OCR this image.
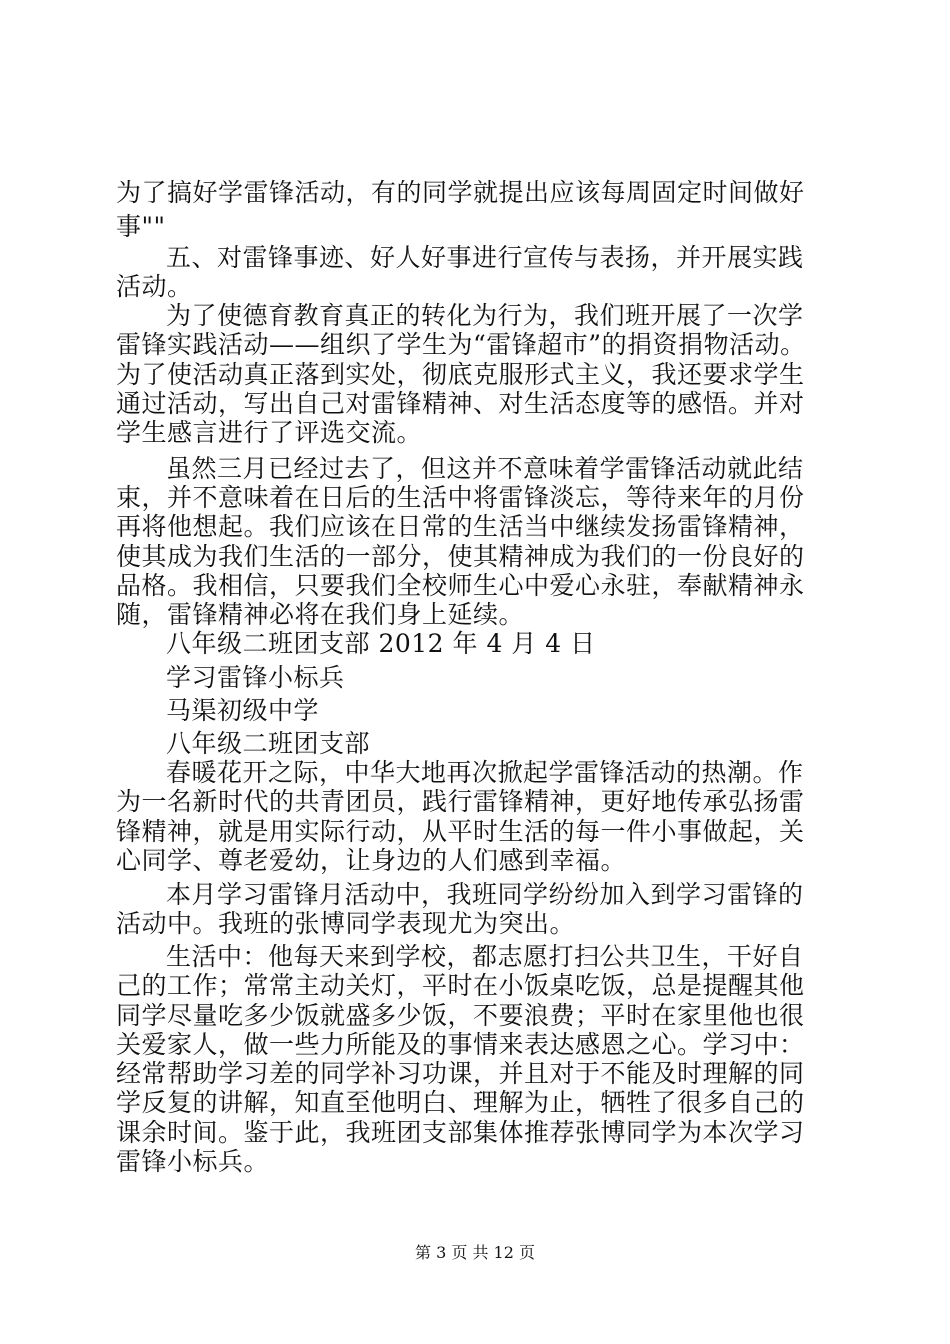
为了搞好学雷锋活动，有的同学就提出应该每周固定时间做好
事""
五、对雷锋事迹、好人好事进行宣传与表扬，并开展实践
活动。
为了使德育教育真正的转化为行为，我们班开展了一次学
雷锋实践活动——组织了学生为“雷锋超市”的捐资捐物活动。
为了使活动真正落到实处，彻底克服形式主义，我还要求学生
通过活动，写出自己对雷锋精神、对生活态度等的感悟。并对
学生感言进行了评选交流。
虽然三月已经过去了，但这并不意味着学雷锋活动就此结
束，并不意味着在日后的生活中将雷锋淡忘，等待来年的月份
再将他想起。我们应该在日常的生活当中继续发扬雷锋精神，
使其成为我们生活的一部分，使其精神成为我们的一份良好的
品格。我相信，只要我们全校师生心中爱心永驻，奉献精神永
随，雷锋精神必将在我们身上延续。
八年级二班团支部 2012 年 4 月 4 日
学习雷锋小标兵
马渠初级中学
八年级二班团支部
春暖花开之际，中华大地再次掀起学雷锋活动的热潮。作
为一名新时代的共青团员，践行雷锋精神，更好地传承弘扬雷
锋精神，就是用实际行动，从平时生活的每一件小事做起，关
心同学、尊老爱幼，让身边的人们感到幸福。
本月学习雷锋月活动中，我班同学纷纷加入到学习雷锋的
活动中。我班的张博同学表现尤为突出。
生活中：他每天来到学校，都志愿打扫公共卫生，干好自
己的工作；常常主动关灯，平时在小饭桌吃饭，总是提醒其他
同学尽量吃多少饭就盛多少饭，不要浪费；平时在家里他也很
关爱家人，做一些力所能及的事情来表达感恩之心。学习中：
经常帮助学习差的同学补习功课，并且对于不能及时理解的同
学反复的讲解，知直至他明白、理解为止，牺牲了很多自己的
课余时间。鉴于此，我班团支部集体推荐张博同学为本次学习
雷锋小标兵。
第 3 页 共 12 页
